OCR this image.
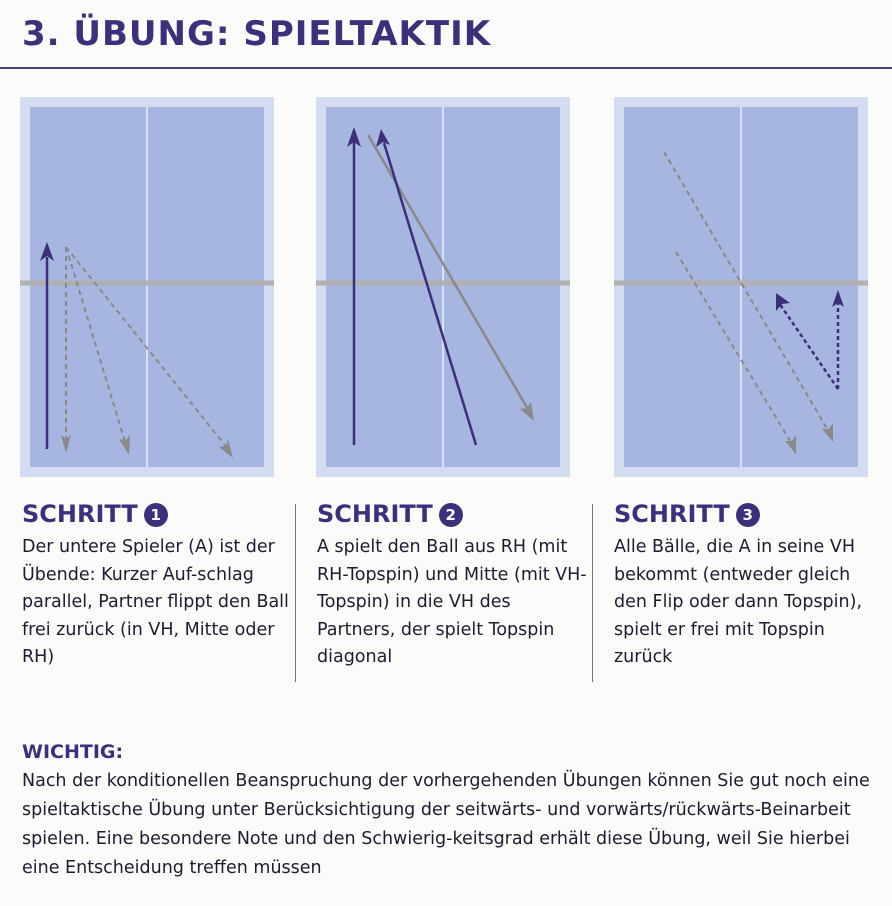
3. ÜBUNG: SPIELTAKTIK
SCHRITT 1
Der untere Spieler (A) ist der Übende: Kurzer Auf-schlag parallel, Partner flippt den Ball frei zurück (in VH, Mitte oder RH)
SCHRITT 2
A spielt den Ball aus RH (mit RH-Topspin) und Mitte (mit VH-Topspin) in die VH des Partners, der spielt Topspin diagonal
SCHRITT 3
Alle Bälle, die A in seine VH bekommt (entweder gleich den Flip oder dann Topspin), spielt er frei mit Topspin zurück
WICHTIG:
Nach der konditionellen Beanspruchung der vorhergehenden Übungen können Sie gut noch eine spieltaktische Übung unter Berücksichtigung der seitwärts- und vorwärts/rückwärts-Beinarbeit spielen. Eine besondere Note und den Schwierig-keitsgrad erhält diese Übung, weil Sie hierbei eine Entscheidung treffen müssen
